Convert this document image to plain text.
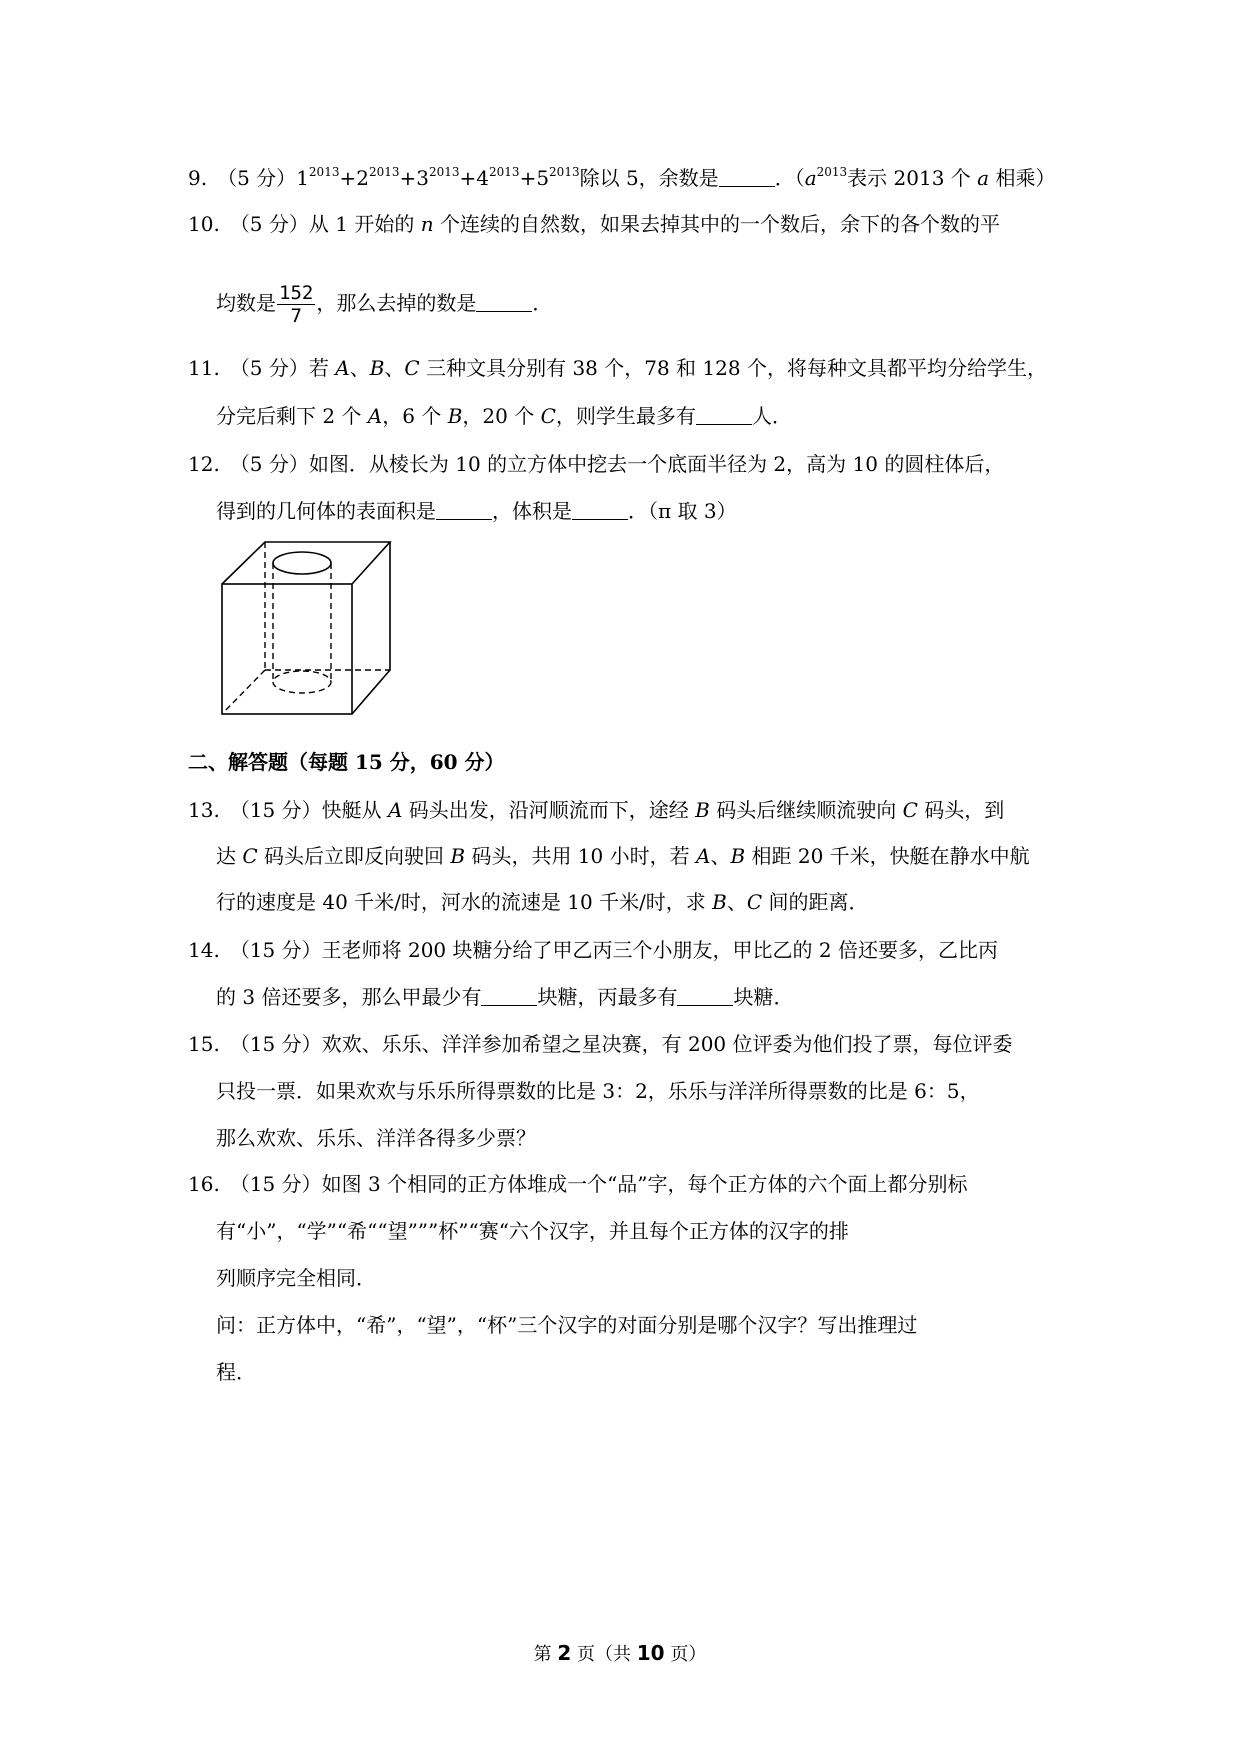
9. （5 分）$1^{2013}+2^{2013}+3^{2013}+4^{2013}+5^{2013}$除以 5，余数是	．（$a^{2013}$表示 2013 个 a 相乘）
10. （5 分）从 1 开始的 n 个连续的自然数，如果去掉其中的一个数后，余下的各个数的平
均数是 $\frac{152}{7}$ ，那么去掉的数是	．
11. （5 分）若 A、B、C 三种文具分别有 38 个，78 和 128 个，将每种文具都平均分给学生，
分完后剩下 2 个 A，6 个 B，20 个 C，则学生最多有	人．
12. （5 分）如图．从棱长为 10 的立方体中挖去一个底面半径为 2，高为 10 的圆柱体后，
得到的几何体的表面积是	，体积是	．（π 取 3）
二、解答题（每题 15 分，60 分）
13. （15 分）快艇从 A 码头出发，沿河顺流而下，途经 B 码头后继续顺流驶向 C 码头，到
达 C 码头后立即反向驶回 B 码头，共用 10 小时，若 A、B 相距 20 千米，快艇在静水中航
行的速度是 40 千米/时，河水的流速是 10 千米/时，求 B、C 间的距离．
14. （15 分）王老师将 200 块糖分给了甲乙丙三个小朋友，甲比乙的 2 倍还要多，乙比丙
的 3 倍还要多，那么甲最少有	块糖，丙最多有	块糖．
15. （15 分）欢欢、乐乐、洋洋参加希望之星决赛，有 200 位评委为他们投了票，每位评委
只投一票．如果欢欢与乐乐所得票数的比是 3：2，乐乐与洋洋所得票数的比是 6：5，
那么欢欢、乐乐、洋洋各得多少票？
16. （15 分）如图 3 个相同的正方体堆成一个“品”字，每个正方体的六个面上都分别标
有“小”，“学”“希““望”””杯”“赛“六个汉字，并且每个正方体的汉字的排
列顺序完全相同．
问：正方体中，“希”，“望”，“杯”三个汉字的对面分别是哪个汉字？写出推理过
程．
第 2 页（共 10 页）
